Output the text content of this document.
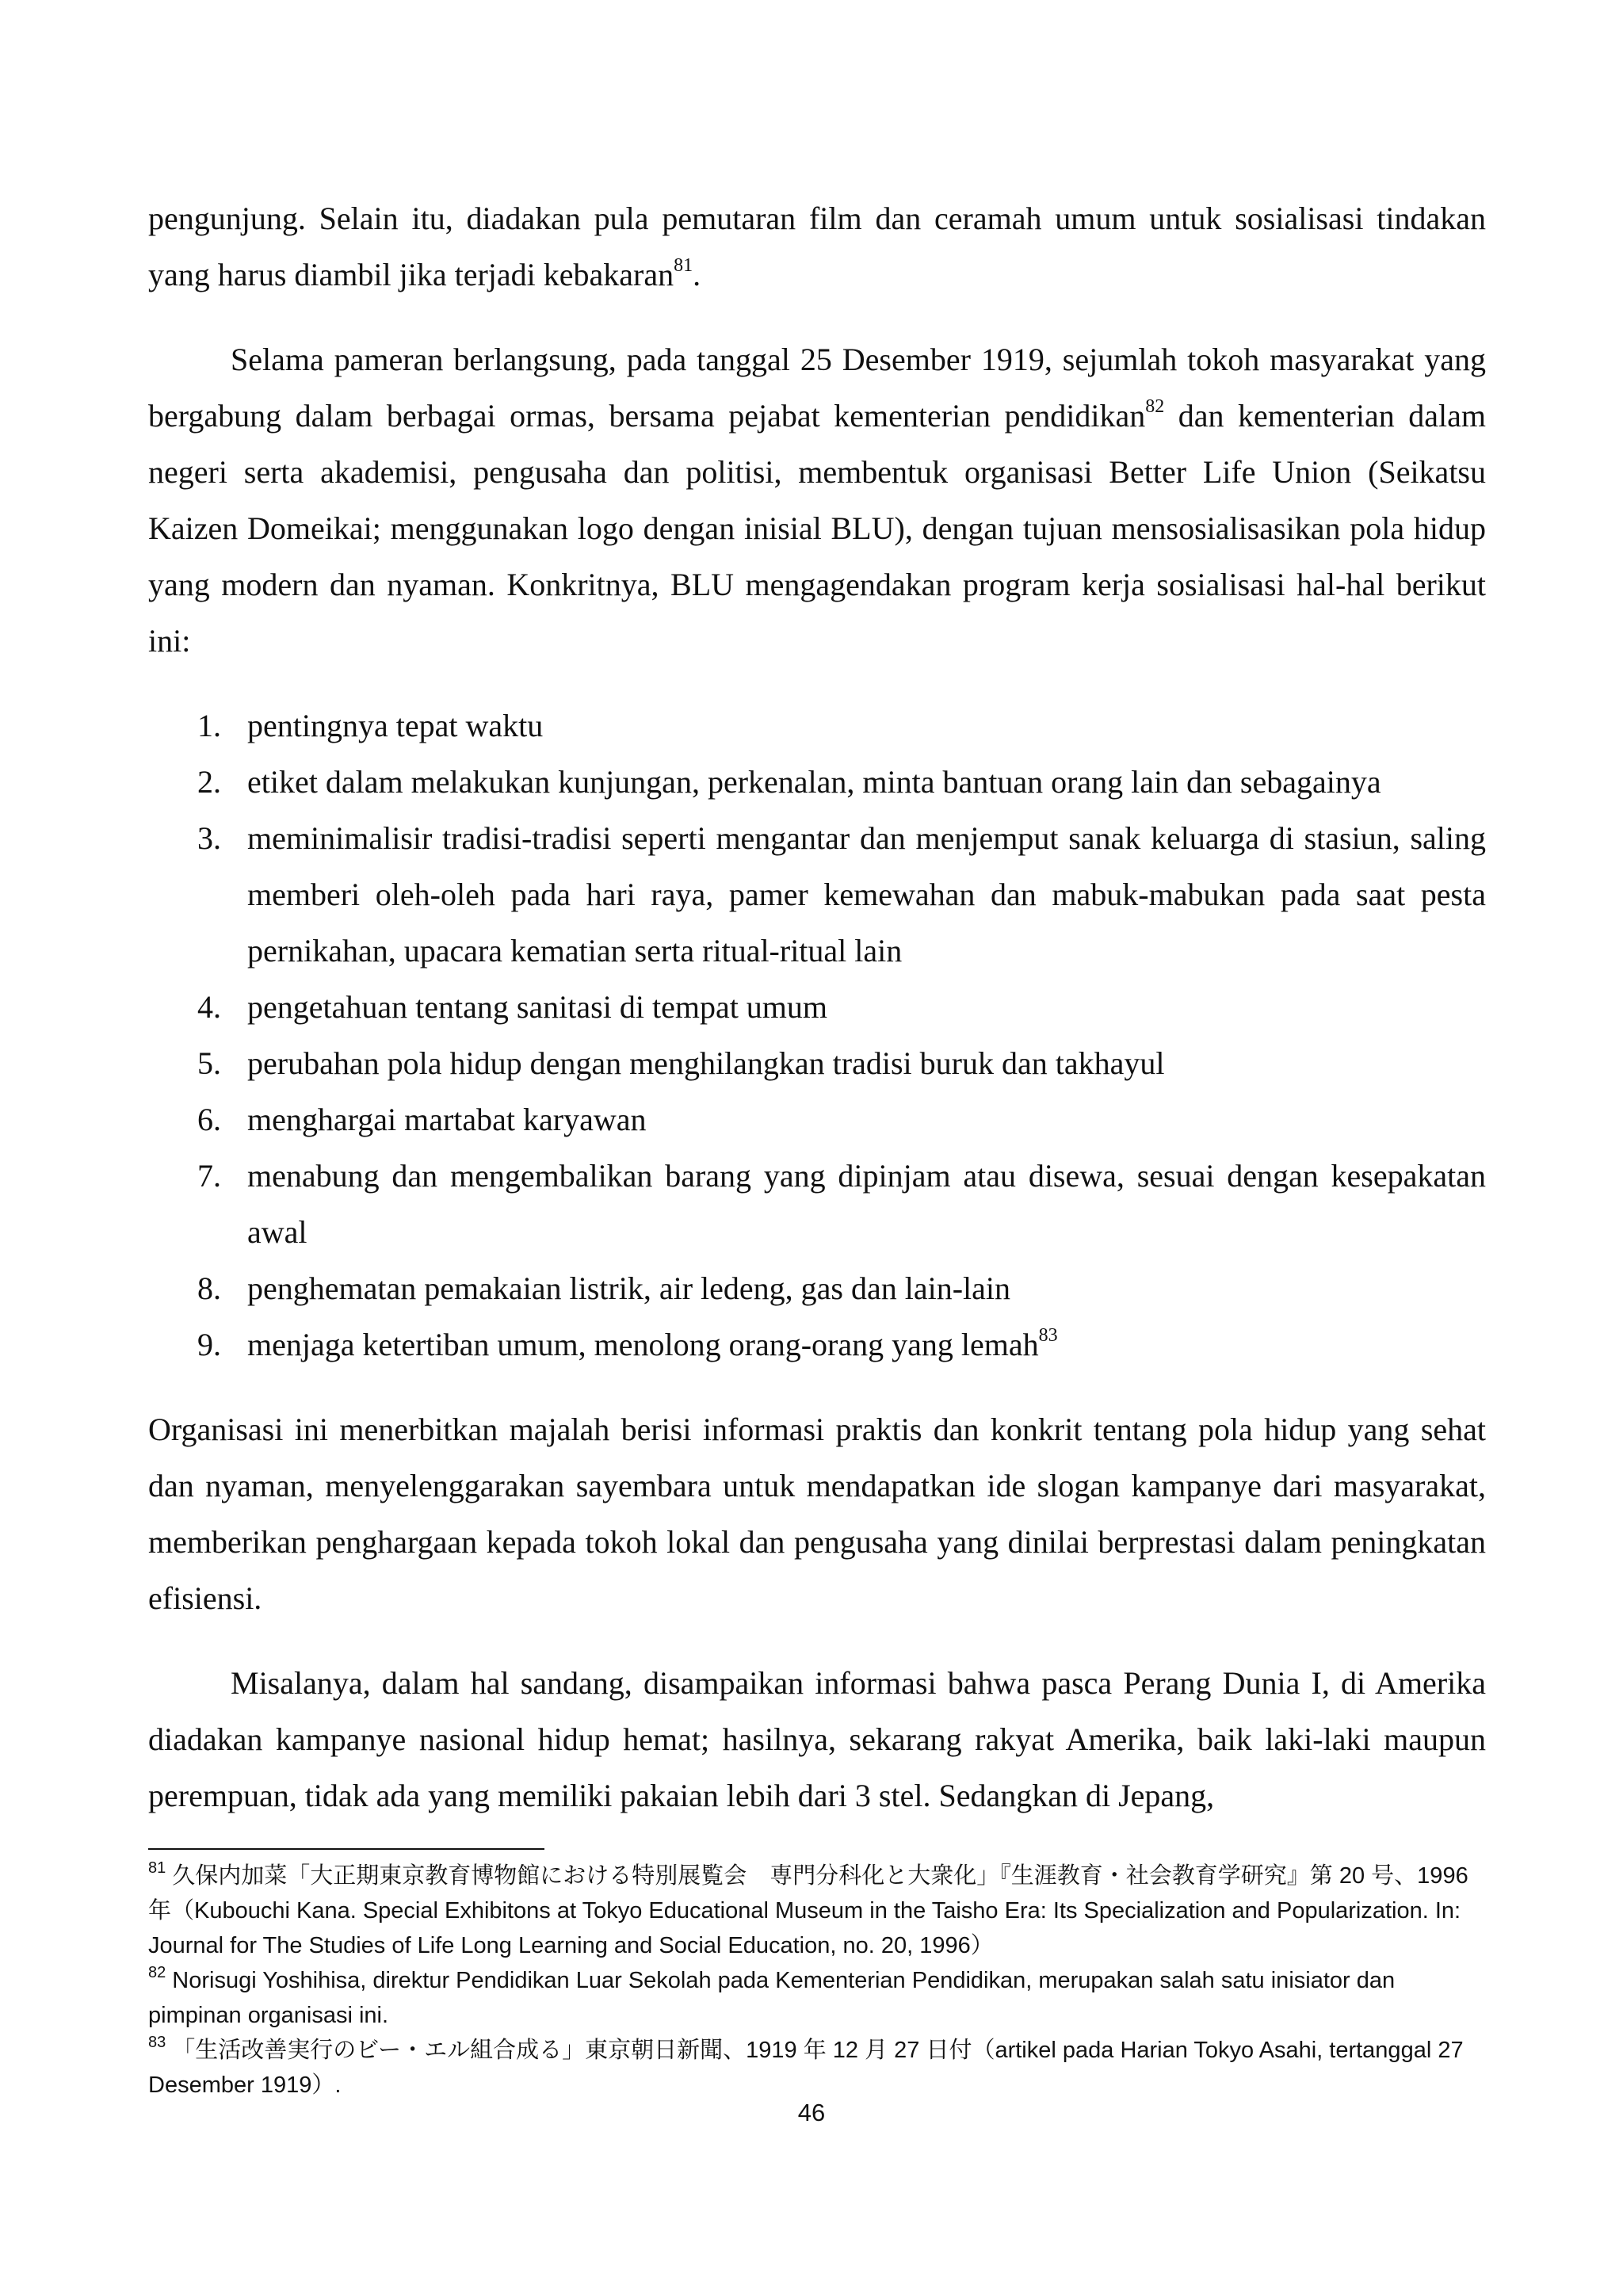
pengunjung. Selain itu, diadakan pula pemutaran film dan ceramah umum untuk sosialisasi tindakan yang harus diambil jika terjadi kebakaran$^{81}$.

Selama pameran berlangsung, pada tanggal 25 Desember 1919, sejumlah tokoh masyarakat yang bergabung dalam berbagai ormas, bersama pejabat kementerian pendidikan$^{82}$ dan kementerian dalam negeri serta akademisi, pengusaha dan politisi, membentuk organisasi Better Life Union (Seikatsu Kaizen Domeikai; menggunakan logo dengan inisial BLU), dengan tujuan mensosialisasikan pola hidup yang modern dan nyaman. Konkritnya, BLU mengagendakan program kerja sosialisasi hal-hal berikut ini:

1. pentingnya tepat waktu
2. etiket dalam melakukan kunjungan, perkenalan, minta bantuan orang lain dan sebagainya
3. meminimalisir tradisi-tradisi seperti mengantar dan menjemput sanak keluarga di stasiun, saling memberi oleh-oleh pada hari raya, pamer kemewahan dan mabuk-mabukan pada saat pesta pernikahan, upacara kematian serta ritual-ritual lain
4. pengetahuan tentang sanitasi di tempat umum
5. perubahan pola hidup dengan menghilangkan tradisi buruk dan takhayul
6. menghargai martabat karyawan
7. menabung dan mengembalikan barang yang dipinjam atau disewa, sesuai dengan kesepakatan awal
8. penghematan pemakaian listrik, air ledeng, gas dan lain-lain
9. menjaga ketertiban umum, menolong orang-orang yang lemah$^{83}$

Organisasi ini menerbitkan majalah berisi informasi praktis dan konkrit tentang pola hidup yang sehat dan nyaman, menyelenggarakan sayembara untuk mendapatkan ide slogan kampanye dari masyarakat, memberikan penghargaan kepada tokoh lokal dan pengusaha yang dinilai berprestasi dalam peningkatan efisiensi.

Misalanya, dalam hal sandang, disampaikan informasi bahwa pasca Perang Dunia I, di Amerika diadakan kampanye nasional hidup hemat; hasilnya, sekarang rakyat Amerika, baik laki-laki maupun perempuan, tidak ada yang memiliki pakaian lebih dari 3 stel. Sedangkan di Jepang,

$^{81}$ 久保内加菜「大正期東京教育博物館における特別展覧会　専門分科化と大衆化」『生涯教育・社会教育学研究』第 20 号、1996 年（Kubouchi Kana. Special Exhibitons at Tokyo Educational Museum in the Taisho Era: Its Specialization and Popularization. In: Journal for The Studies of Life Long Learning and Social Education, no. 20, 1996）

$^{82}$ Norisugi Yoshihisa, direktur Pendidikan Luar Sekolah pada Kementerian Pendidikan, merupakan salah satu inisiator dan pimpinan organisasi ini.

$^{83}$ 「生活改善実行のビー・エル組合成る」東京朝日新聞、1919 年 12 月 27 日付（artikel pada Harian Tokyo Asahi, tertanggal 27 Desember 1919）.

46
